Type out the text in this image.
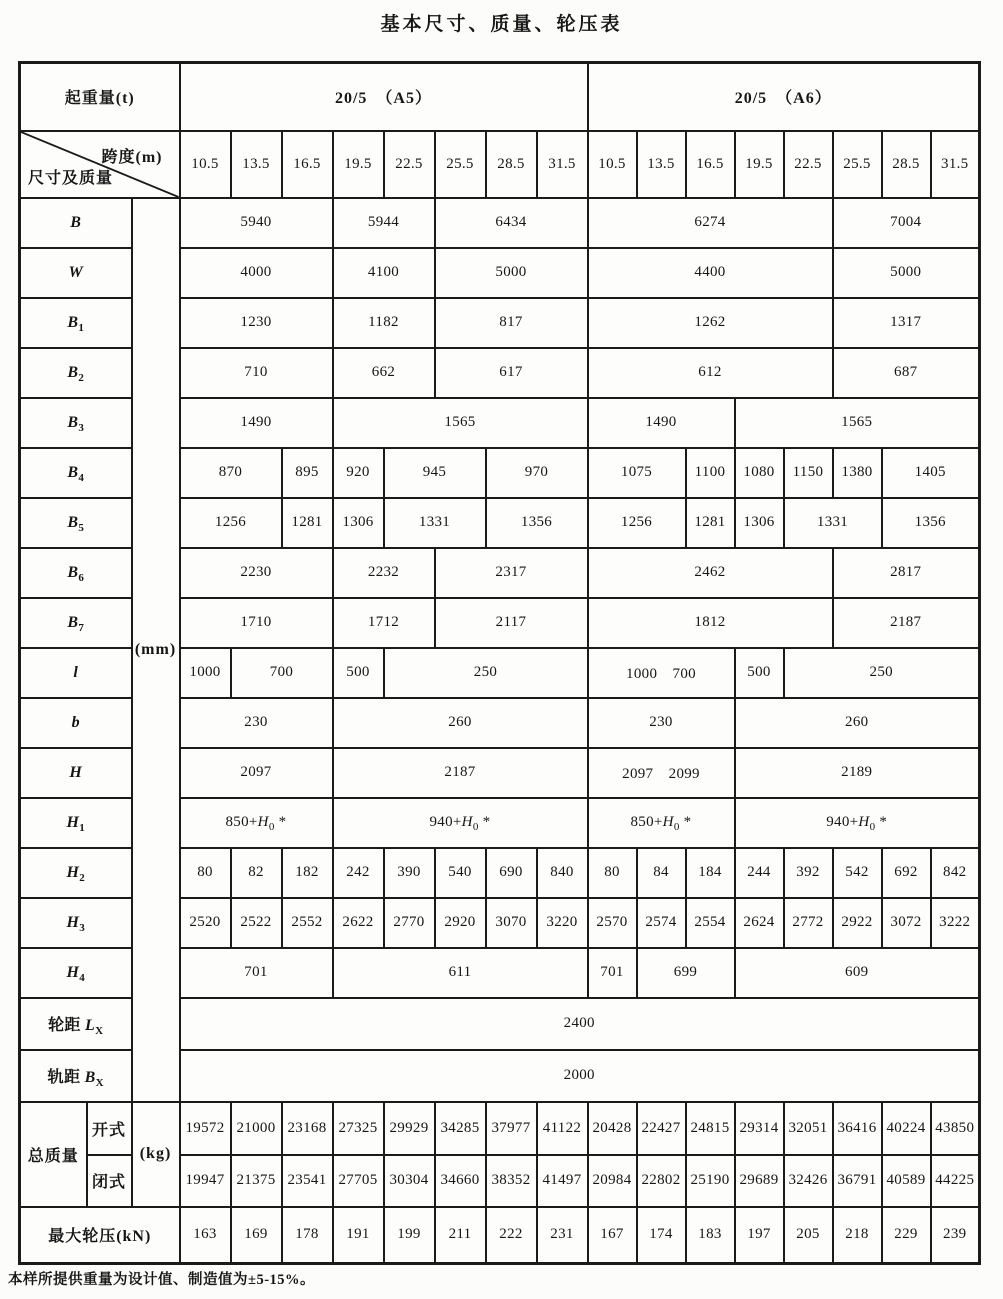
基本尺寸、质量、轮压表
起重量(t)			20/5　（A5）								20/5　（A6）							

跨度(m)
尺寸及质量			10.5	13.5	16.5	19.5	22.5	25.5	28.5	31.5	10.5	13.5	16.5	19.5	22.5	25.5	28.5	31.5
B		(mm)	5940			5944		6434			6274					7004		
W			4000			4100		5000			4400					5000		
$B_1$			1230			1182		817			1262					1317		
$B_2$			710			662		617			612					687		
$B_3$			1490			1565					1490			1565				
$B_4$			870		895	920	945		970		1075		1100	1080	1150	1380	1405	
$B_5$			1256		1281	1306	1331		1356		1256		1281	1306	1331		1356	
$B_6$			2230			2232		2317			2462					2817		
$B_7$			1710			1712		2117			1812					2187		
l			1000	700		500	250				1000　700			500	250			
b			230			260					230			260				
H			2097			2187					2097　2099			2189				
$H_1$			$850+H_0$ *			$940+H_0$ *					$850+H_0$ *			$940+H_0$ *				
$H_2$			80	82	182	242	390	540	690	840	80	84	184	244	392	542	692	842
$H_3$			2520	2522	2552	2622	2770	2920	3070	3220	2570	2574	2554	2624	2772	2922	3072	3222
$H_4$			701			611					701	699		609				
轮距 $L_X$			2400															
轨距 $B_X$			2000															
总质量	开式	(kg)	19572	21000	23168	27325	29929	34285	37977	41122	20428	22427	24815	29314	32051	36416	40224	43850
	闭式		19947	21375	23541	27705	30304	34660	38352	41497	20984	22802	25190	29689	32426	36791	40589	44225
最大轮压(kN)			163	169	178	191	199	211	222	231	167	174	183	197	205	218	229	239
本样所提供重量为设计值、制造值为±5-15%。
